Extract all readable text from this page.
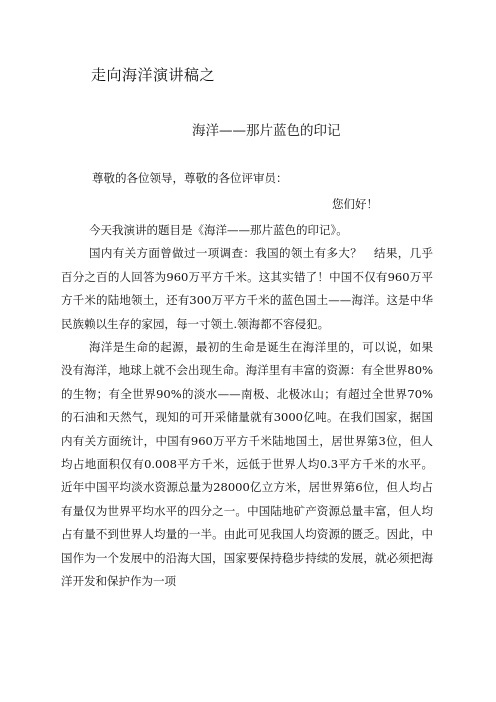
走向海洋演讲稿之
海洋——那片蓝色的印记
尊敬的各位领导，尊敬的各位评审员：
您们好！

今天我演讲的题目是《海洋——那片蓝色的印记》。

国内有关方面曾做过一项调查：我国的领土有多大？　结果，几乎百分之百的人回答为960万平方千米。这其实错了！中国不仅有960万平方千米的陆地领土，还有300万平方千米的蓝色国土——海洋。这是中华民族赖以生存的家园，每一寸领土.领海都不容侵犯。

海洋是生命的起源，最初的生命是诞生在海洋里的，可以说，如果没有海洋，地球上就不会出现生命。海洋里有丰富的资源：有全世界80%的生物；有全世界90%的淡水——南极、北极冰山；有超过全世界70%的石油和天然气，现知的可开采储量就有3000亿吨。在我们国家，据国内有关方面统计，中国有960万平方千米陆地国土，居世界第3位，但人均占地面积仅有0.008平方千米，远低于世界人均0.3平方千米的水平。近年中国平均淡水资源总量为28000亿立方米，居世界第6位，但人均占有量仅为世界平均水平的四分之一。中国陆地矿产资源总量丰富，但人均占有量不到世界人均量的一半。由此可见我国人均资源的匮乏。因此，中国作为一个发展中的沿海大国，国家要保持稳步持续的发展，就必须把海洋开发和保护作为一项
